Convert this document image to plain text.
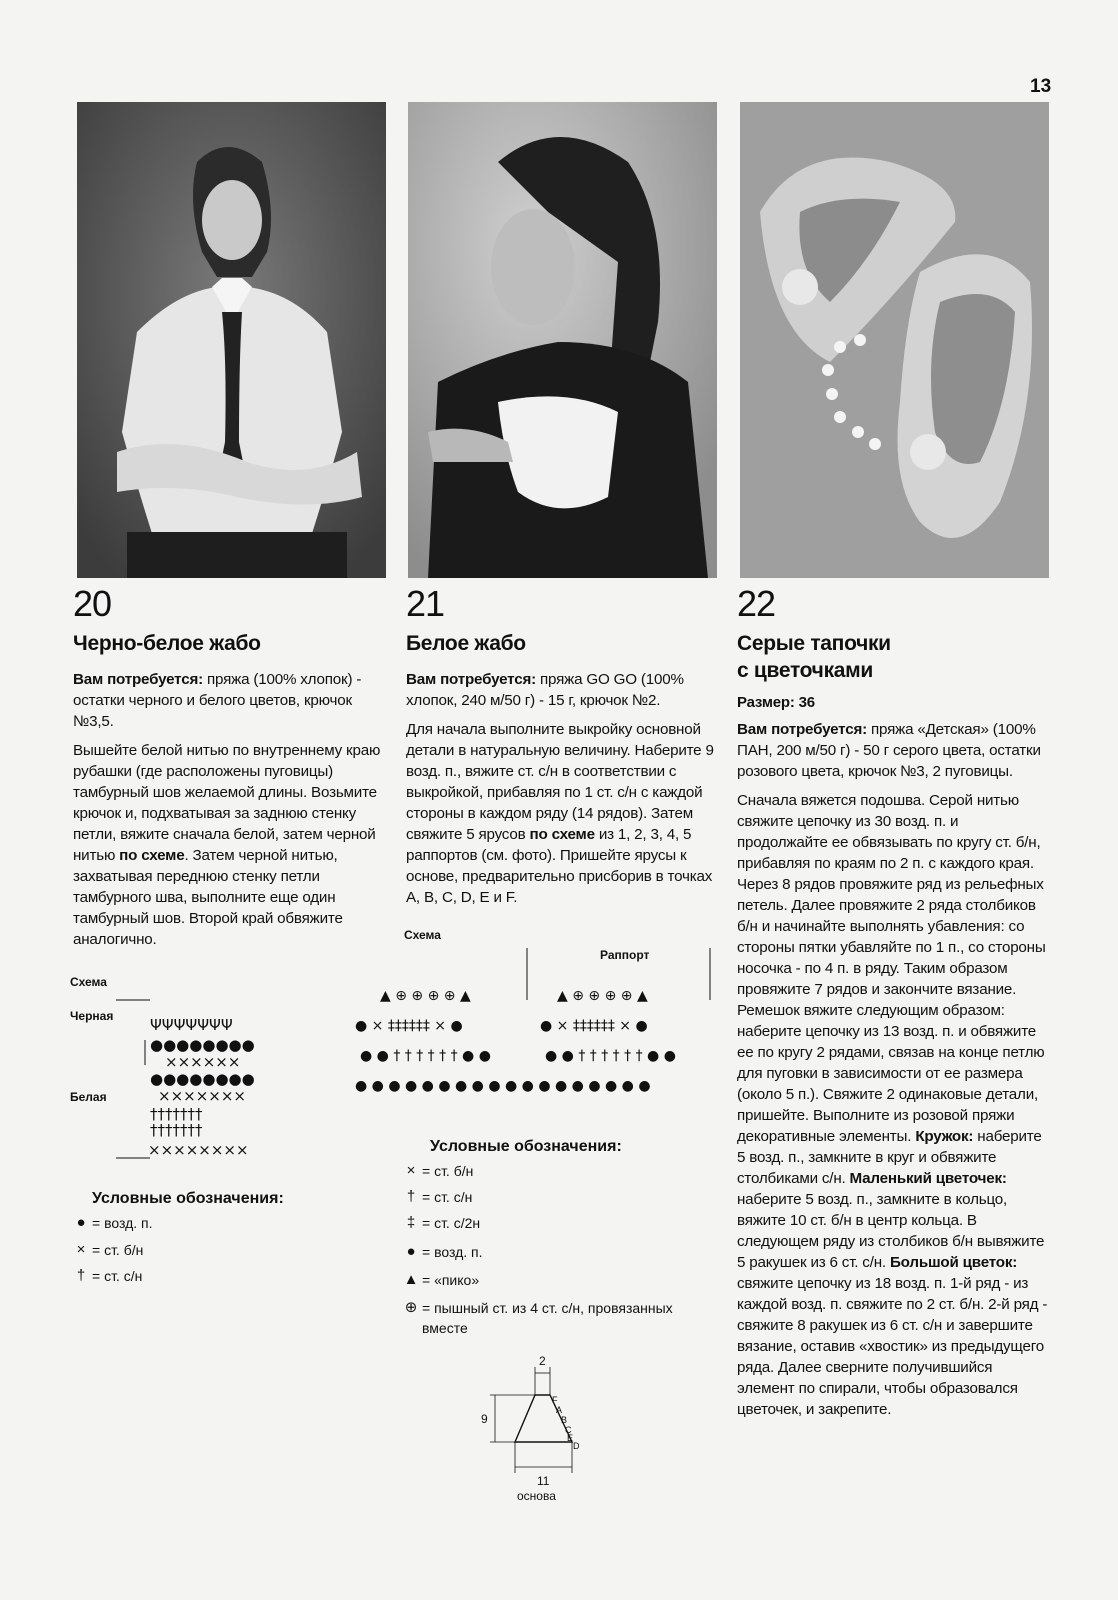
13

20

Черно-белое жабо

Вам потребуется: пряжа (100% хлопок) - остатки черного и белого цветов, крючок №3,5.

Вышейте белой нитью по внутреннему краю рубашки (где расположены пуговицы) тамбурный шов желаемой длины. Возьмите крючок и, подхватывая за заднюю стенку петли, вяжите сначала белой, затем черной нитью по схеме. Затем черной нитью, захватывая переднюю стенку петли тамбурного шва, выполните еще один тамбурный шов. Второй край обвяжите аналогично.

Схема
Черная
Белая
ΨΨΨΨΨΨΨ
●●●●●●●●
××××××
●●●●●●●●
×××××××
†††††††
†††††††
××××××××
Условные обозначения:
● = возд. п.
× = ст. б/н
† = ст. с/н

21

Белое жабо

Вам потребуется: пряжа GO GO (100% хлопок, 240 м/50 г) - 15 г, крючок №2.

Для начала выполните выкройку основной детали в натуральную величину. Наберите 9 возд. п., вяжите ст. с/н в соответствии с выкройкой, прибавляя по 1 ст. с/н с каждой стороны в каждом ряду (14 рядов). Затем свяжите 5 ярусов по схеме из 1, 2, 3, 4, 5 раппортов (см. фото). Пришейте ярусы к основе, предварительно присборив в точках A, B, C, D, E и F.

Схема
Раппорт
▲ ⊕ ⊕ ⊕ ⊕ ▲	▲ ⊕ ⊕ ⊕ ⊕ ▲
● × ‡‡‡‡‡‡ × ●	● × ‡‡‡‡‡‡ × ●
● ● † † † † † † ● ●	● ● † † † † † † ● ●
● ● ● ● ● ● ● ● ● ● ● ● ● ● ● ● ● ●
Условные обозначения:
× = ст. б/н
† = ст. с/н
‡ = ст. с/2н
● = возд. п.
▲ = «пико»
⊕ = пышный ст. из 4 ст. с/н, провязанных вместе
2
9
11
основа
F
A
B
C
E
D

22

Серые тапочки
с цветочками

Размер: 36

Вам потребуется: пряжа «Детская» (100% ПАН, 200 м/50 г) - 50 г серого цвета, остатки розового цвета, крючок №3, 2 пуговицы.

Сначала вяжется подошва. Серой нитью свяжите цепочку из 30 возд. п. и продолжайте ее обвязывать по кругу ст. б/н, прибавляя по краям по 2 п. с каждого края. Через 8 рядов провяжите ряд из рельефных петель. Далее провяжите 2 ряда столбиков б/н и начинайте выполнять убавления: со стороны пятки убавляйте по 1 п., со стороны носочка - по 4 п. в ряду. Таким образом провяжите 7 рядов и закончите вязание. Ремешок вяжите следующим образом: наберите цепочку из 13 возд. п. и обвяжите ее по кругу 2 рядами, связав на конце петлю для пуговки в зависимости от ее размера (около 5 п.). Свяжите 2 одинаковые детали, пришейте. Выполните из розовой пряжи декоративные элементы. Кружок: наберите 5 возд. п., замкните в круг и обвяжите столбиками с/н. Маленький цветочек: наберите 5 возд. п., замкните в кольцо, вяжите 10 ст. б/н в центр кольца. В следующем ряду из столбиков б/н вывяжите 5 ракушек из 6 ст. с/н. Большой цветок: свяжите цепочку из 18 возд. п. 1-й ряд - из каждой возд. п. свяжите по 2 ст. б/н. 2-й ряд - свяжите 8 ракушек из 6 ст. с/н и завершите вязание, оставив «хвостик» из предыдущего ряда. Далее сверните получившийся элемент по спирали, чтобы образовался цветочек, и закрепите.
